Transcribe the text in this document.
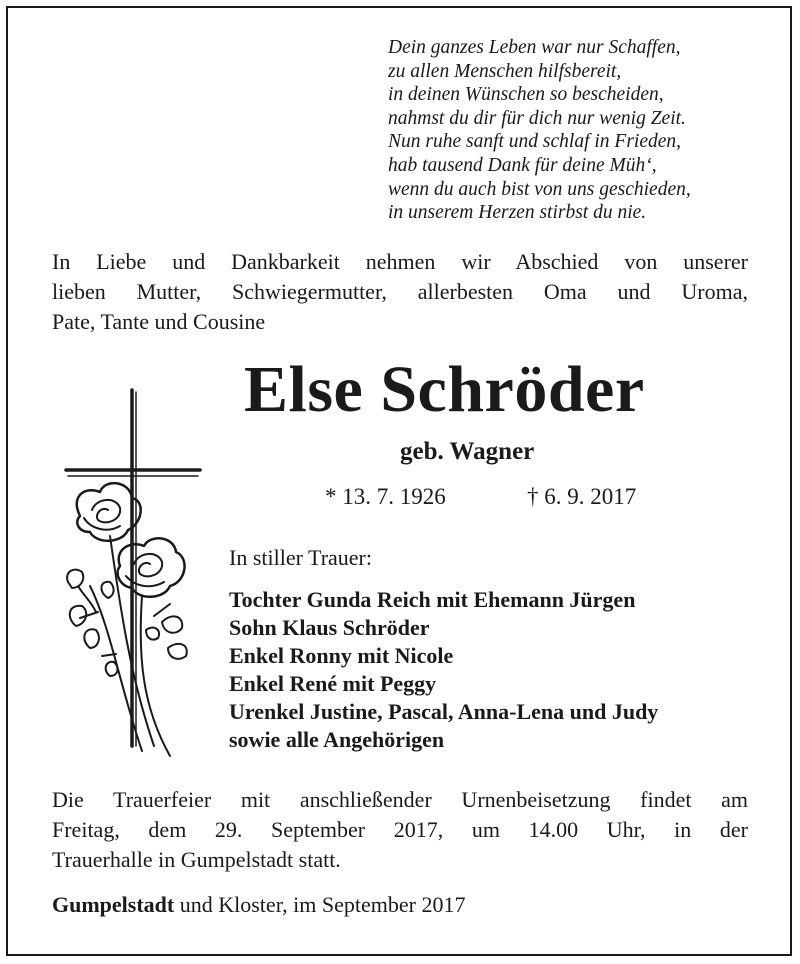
Dein ganzes Leben war nur Schaffen,
zu allen Menschen hilfsbereit,
in deinen Wünschen so bescheiden,
nahmst du dir für dich nur wenig Zeit.
Nun ruhe sanft und schlaf in Frieden,
hab tausend Dank für deine Müh‘,
wenn du auch bist von uns geschieden,
in unserem Herzen stirbst du nie.
In Liebe und Dankbarkeit nehmen wir Abschied von unserer
lieben Mutter, Schwiegermutter, allerbesten Oma und Uroma,
Pate, Tante und Cousine
Else Schröder
geb. Wagner
* 13. 7. 1926	† 6. 9. 2017
In stiller Trauer:
Tochter Gunda Reich mit Ehemann Jürgen
Sohn Klaus Schröder
Enkel Ronny mit Nicole
Enkel René mit Peggy
Urenkel Justine, Pascal, Anna-Lena und Judy
sowie alle Angehörigen
Die Trauerfeier mit anschließender Urnenbeisetzung findet am
Freitag, dem 29. September 2017, um 14.00 Uhr, in der
Trauerhalle in Gumpelstadt statt.
Gumpelstadt und Kloster, im September 2017
